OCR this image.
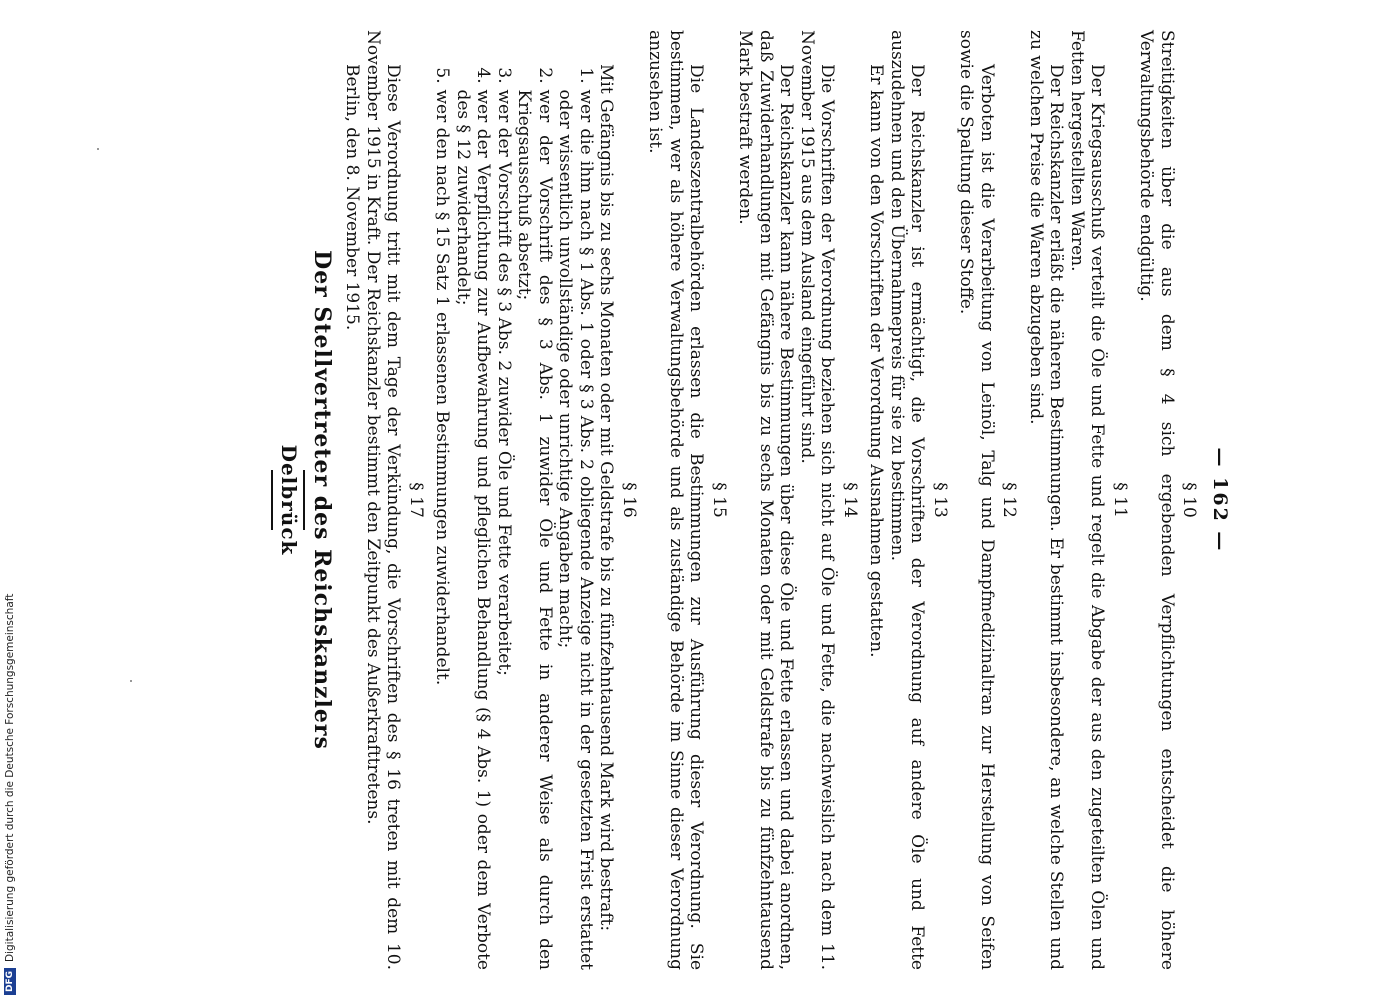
— 162 —
§ 10

Streitigkeiten über die aus dem § 4 sich ergebenden Verpflichtungen entscheidet die höhere Verwaltungsbehörde endgültig.

§ 11

Der Kriegsausschuß verteilt die Öle und Fette und regelt die Abgabe der aus den zugeteilten Ölen und Fetten hergestellten Waren.

Der Reichskanzler erläßt die näheren Bestimmungen. Er bestimmt insbesondere, an welche Stellen und zu welchen Preise die Waren abzugeben sind.

§ 12

Verboten ist die Verarbeitung von Leinöl, Talg und Dampfmedizinaltran zur Herstellung von Seifen sowie die Spaltung dieser Stoffe.

§ 13

Der Reichskanzler ist ermächtigt, die Vorschriften der Verordnung auf andere Öle und Fette auszudehnen und den Übernahmepreis für sie zu bestimmen.

Er kann von den Vorschriften der Verordnung Ausnahmen gestatten.

§ 14

Die Vorschriften der Verordnung beziehen sich nicht auf Öle und Fette, die nachweislich nach dem 11. November 1915 aus dem Ausland eingeführt sind.

Der Reichskanzler kann nähere Bestimmungen über diese Öle und Fette erlassen und dabei anordnen, daß Zuwiderhandlungen mit Gefängnis bis zu sechs Monaten oder mit Geldstrafe bis zu fünfzehntausend Mark bestraft werden.

§ 15

Die Landeszentralbehörden erlassen die Bestimmungen zur Ausführung dieser Verordnung. Sie bestimmen, wer als höhere Verwaltungsbehörde und als zuständige Behörde im Sinne dieser Verordnung anzusehen ist.

§ 16

Mit Gefängnis bis zu sechs Monaten oder mit Geldstrafe bis zu fünfzehntausend Mark wird bestraft:

1.
wer die ihm nach § 1 Abs. 1 oder § 3 Abs. 2 obliegende Anzeige nicht in der gesetzten Frist erstattet oder wissentlich unvollständige oder unrichtige Angaben macht;
2.
wer der Vorschrift des § 3 Abs. 1 zuwider Öle und Fette in anderer Weise als durch den Kriegsausschuß absetzt;
3.
wer der Vorschrift des § 3 Abs. 2 zuwider Öle und Fette verarbeitet;
4.
wer der Verpflichtung zur Aufbewahrung und pfleglichen Behandlung (§ 4 Abs. 1) oder dem Verbote des § 12 zuwiderhandelt;
5.
wer den nach § 15 Satz 1 erlassenen Bestimmungen zuwiderhandelt.
§ 17

Diese Verordnung tritt mit dem Tage der Verkündung, die Vorschriften des § 16 treten mit dem 10. November 1915 in Kraft. Der Reichskanzler bestimmt den Zeitpunkt des Außerkrafttretens.

Berlin, den 8. November 1915.

Der Stellvertreter des Reichskanzlers
Delbrück
DFG
Digitalisierung gefördert durch die Deutsche Forschungsgemeinschaft
